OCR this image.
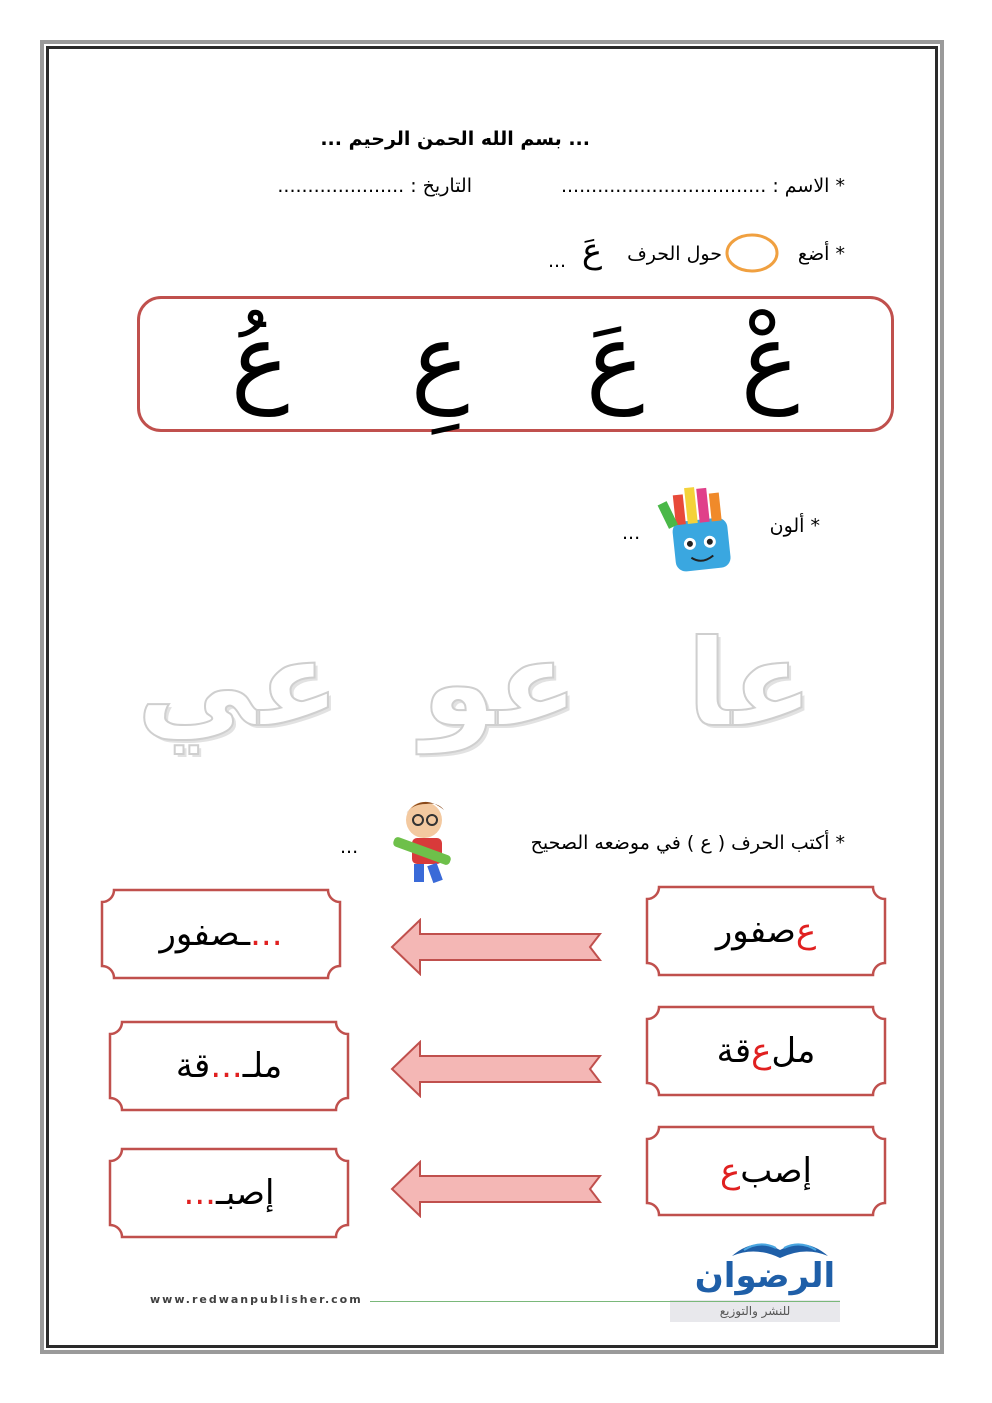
... بسم الله الحمن الرحيم ...
* الاسم : ..................................
التاريخ : .....................
* أضع
حول الحرف
عَ
...
عْ
عَ
عِ
عُ
* ألون
...
عا
عو
عي
* أكتب الحرف ( ع ) في موضعه الصحيح
...
ع
صفور
...
ـصفور
مل
ع
قة
ملـ
...
قة
إصب
ع
إصبـ
...
الرضوان
للنشر والتوزيع
www.redwanpublisher.com
